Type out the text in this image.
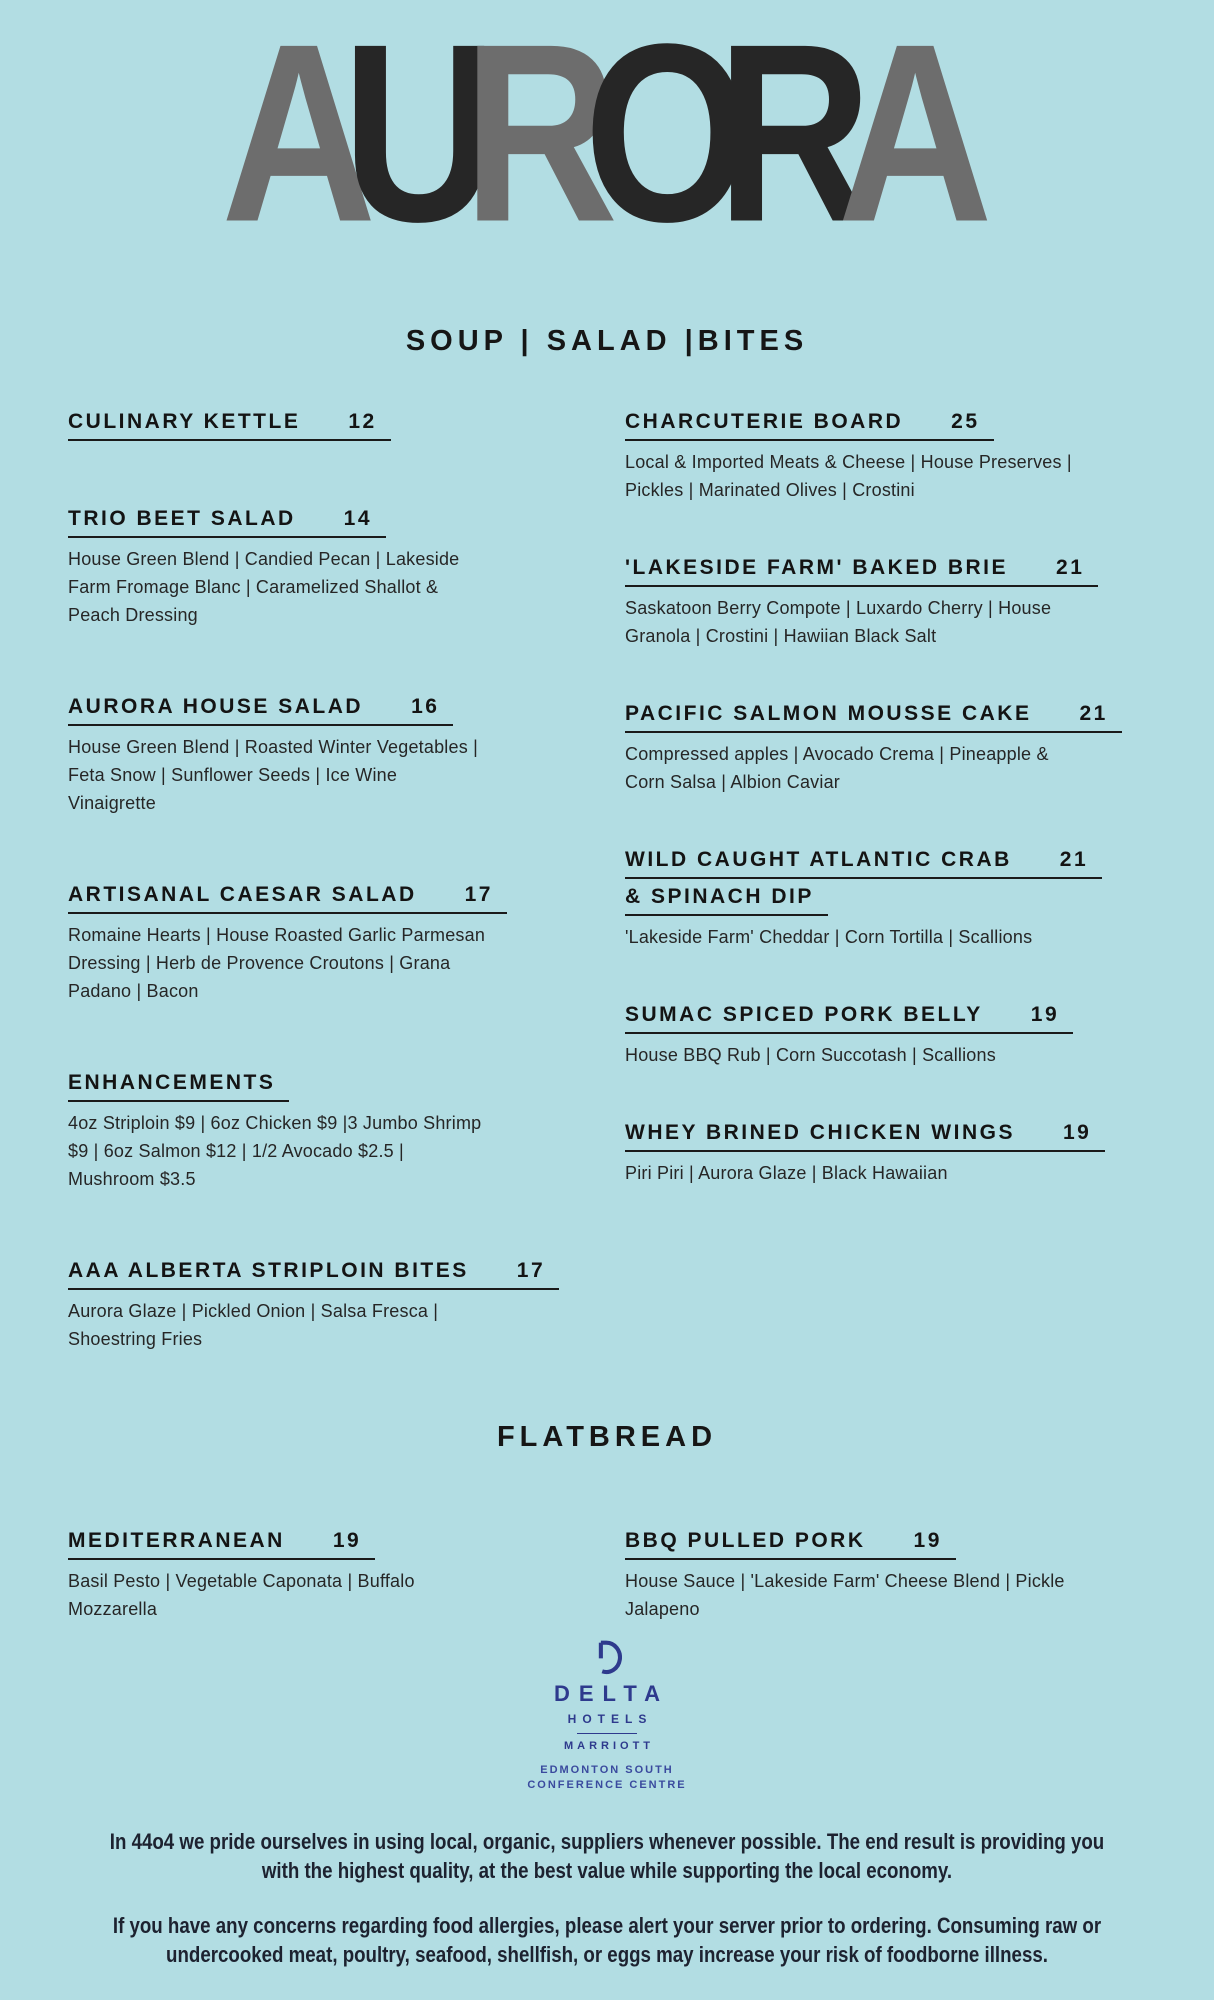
A
U
R
O
R
A
SOUP | SALAD |BITES
CULINARY KETTLE 12
TRIO BEET SALAD 14
House Green Blend | Candied Pecan | Lakeside Farm Fromage Blanc | Caramelized Shallot & Peach Dressing
AURORA HOUSE SALAD 16
House Green Blend | Roasted Winter Vegetables | Feta Snow | Sunflower Seeds | Ice Wine Vinaigrette
ARTISANAL CAESAR SALAD 17
Romaine Hearts | House Roasted Garlic Parmesan Dressing | Herb de Provence Croutons | Grana Padano | Bacon
ENHANCEMENTS
4oz Striploin $9 | 6oz Chicken $9 |3 Jumbo Shrimp $9 | 6oz Salmon $12 | 1/2 Avocado $2.5 | Mushroom $3.5
AAA ALBERTA STRIPLOIN BITES 17
Aurora Glaze | Pickled Onion | Salsa Fresca | Shoestring Fries
CHARCUTERIE BOARD 25
Local & Imported Meats & Cheese | House Preserves | Pickles | Marinated Olives | Crostini
'LAKESIDE FARM' BAKED BRIE 21
Saskatoon Berry Compote | Luxardo Cherry | House Granola | Crostini | Hawiian Black Salt
PACIFIC SALMON MOUSSE CAKE 21
Compressed apples | Avocado Crema | Pineapple & Corn Salsa | Albion Caviar
WILD CAUGHT ATLANTIC CRAB 21

& SPINACH DIP
'Lakeside Farm' Cheddar | Corn Tortilla | Scallions
SUMAC SPICED PORK BELLY 19
House BBQ Rub | Corn Succotash | Scallions
WHEY BRINED CHICKEN WINGS 19
Piri Piri | Aurora Glaze | Black Hawaiian
FLATBREAD
MEDITERRANEAN 19
Basil Pesto | Vegetable Caponata | Buffalo Mozzarella
BBQ PULLED PORK 19
House Sauce | 'Lakeside Farm' Cheese Blend | Pickle Jalapeno
DELTA
HOTELS
MARRIOTT
EDMONTON SOUTH
CONFERENCE CENTRE
In 44o4 we pride ourselves in using local, organic, suppliers whenever possible. The end result is providing you
with the highest quality, at the best value while supporting the local economy.
If you have any concerns regarding food allergies, please alert your server prior to ordering. Consuming raw or
undercooked meat, poultry, seafood, shellfish, or eggs may increase your risk of foodborne illness.
